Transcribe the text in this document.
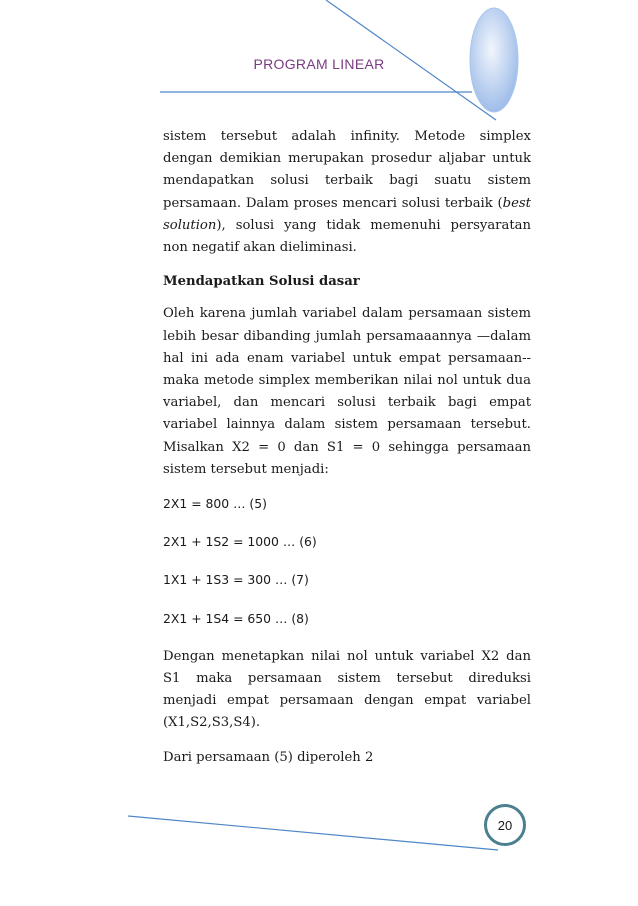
PROGRAM LINEAR

sistem tersebut adalah infinity. Metode simplex dengan demikian merupakan prosedur aljabar untuk mendapatkan solusi terbaik bagi suatu sistem persamaan. Dalam proses mencari solusi terbaik (best solution), solusi yang tidak memenuhi persyaratan non negatif akan dieliminasi.

Mendapatkan Solusi dasar

Oleh karena jumlah variabel dalam persamaan sistem lebih besar dibanding jumlah persamaaannya —dalam hal ini ada enam variabel untuk empat persamaan-- maka metode simplex memberikan nilai nol untuk dua variabel, dan mencari solusi terbaik bagi empat variabel lainnya dalam sistem persamaan tersebut. Misalkan X2 = 0 dan S1 = 0 sehingga persamaan sistem tersebut menjadi:

2X1 = 800 … (5)

2X1 + 1S2 = 1000 … (6)

1X1 + 1S3 = 300 … (7)

2X1 + 1S4 = 650 … (8)

Dengan menetapkan nilai nol untuk variabel X2 dan S1 maka persamaan sistem tersebut direduksi menjadi empat persamaan dengan empat variabel (X1,S2,S3,S4).

Dari persamaan (5) diperoleh 2

20
